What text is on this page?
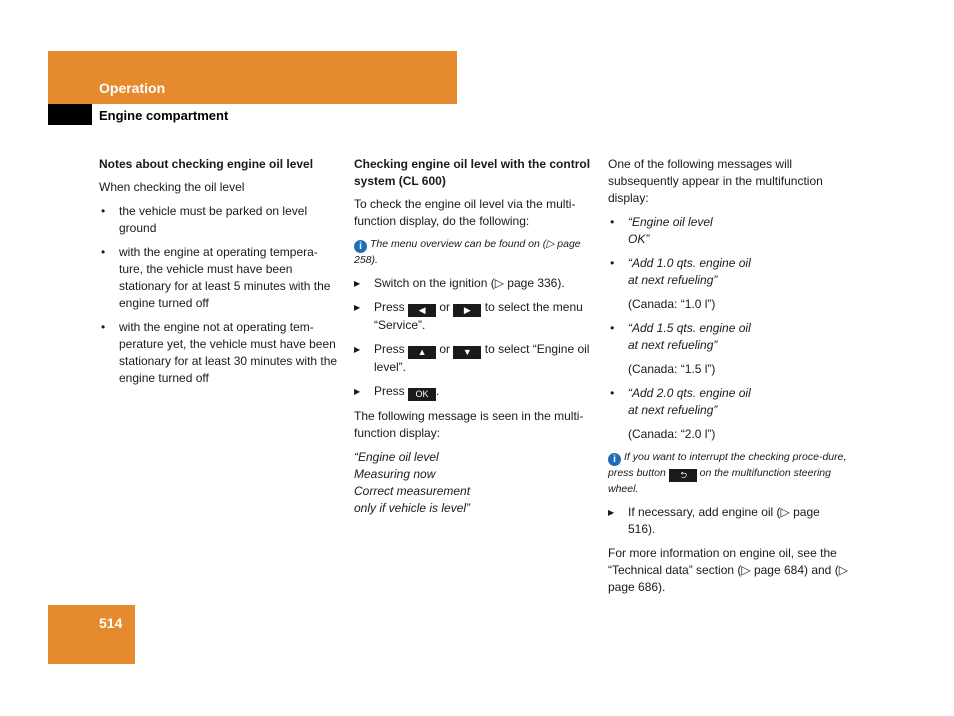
Operation
Engine compartment
Notes about checking engine oil level

When checking the oil level

• the vehicle must be parked on level ground
• with the engine at operating tempera-ture, the vehicle must have been stationary for at least 5 minutes with the engine turned off
• with the engine not at operating tem-perature yet, the vehicle must have been stationary for at least 30 minutes with the engine turned off
Checking engine oil level with the control system (CL 600)

To check the engine oil level via the multi-function display, do the following:

i The menu overview can be found on (▷ page 258).
▶ Switch on the ignition (▷ page 336).
▶ Press ◀ or ▶ to select the menu “Service”.
▶ Press ▲ or ▼ to select “Engine oil level”.
▶ Press OK .

The following message is seen in the multi-function display:

“Engine oil level
Measuring now
Correct measurement
only if vehicle is level”

One of the following messages will subsequently appear in the multifunction display:

• “Engine oil level
OK”
• “Add 1.0 qts. engine oil
at next refueling”
(Canada: “1.0 l”)
• “Add 1.5 qts. engine oil
at next refueling”
(Canada: “1.5 l”)
• “Add 2.0 qts. engine oil
at next refueling”
(Canada: “2.0 l”)
i If you want to interrupt the checking proce-dure, press button ⮌ on the multifunction steering wheel.
▶ If necessary, add engine oil (▷ page 516).

For more information on engine oil, see the “Technical data” section (▷ page 684) and (▷ page 686).

514
